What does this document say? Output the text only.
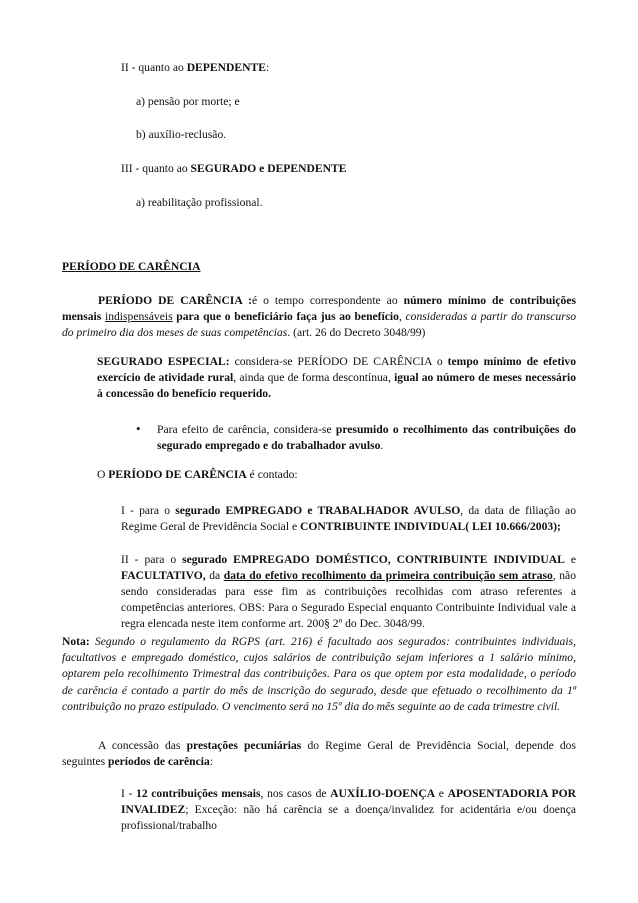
II - quanto ao DEPENDENTE:
a) pensão por morte; e
b) auxílio-reclusão.
III - quanto ao SEGURADO e DEPENDENTE
a) reabilitação profissional.
PERÍODO DE CARÊNCIA
PERÍODO DE CARÊNCIA :é o tempo correspondente ao número mínimo de contribuições mensais indispensáveis para que o beneficiário faça jus ao benefício, consideradas a partir do transcurso do primeiro dia dos meses de suas competências. (art. 26 do Decreto 3048/99)
SEGURADO ESPECIAL: considera-se PERÍODO DE CARÊNCIA o tempo mínimo de efetivo exercício de atividade rural, ainda que de forma descontínua, igual ao número de meses necessário à concessão do benefício requerido.
• Para efeito de carência, considera-se presumido o recolhimento das contribuições do segurado empregado e do trabalhador avulso.
O PERÍODO DE CARÊNCIA é contado:
I - para o segurado EMPREGADO e TRABALHADOR AVULSO, da data de filiação ao Regime Geral de Previdência Social e CONTRIBUINTE INDIVIDUAL( LEI 10.666/2003);
II - para o segurado EMPREGADO DOMÉSTICO, CONTRIBUINTE INDIVIDUAL e FACULTATIVO, da data do efetivo recolhimento da primeira contribuição sem atraso, não sendo consideradas para esse fim as contribuições recolhidas com atraso referentes a competências anteriores. OBS: Para o Segurado Especial enquanto Contribuinte Individual vale a regra elencada neste item conforme art. 200§ 2º do Dec. 3048/99.
Nota: Segundo o regulamento da RGPS (art. 216) é facultado aos segurados: contribuintes individuais, facultativos e empregado doméstico, cujos salários de contribuição sejam inferiores a 1 salário mínimo, optarem pelo recolhimento Trimestral das contribuições. Para os que optem por esta modalidade, o período de carência é contado a partir do mês de inscrição do segurado, desde que efetuado o recolhimento da 1ª contribuição no prazo estipulado. O vencimento será no 15º dia do mês seguinte ao de cada trimestre civil.
A concessão das prestações pecuniárias do Regime Geral de Previdência Social, depende dos seguintes períodos de carência:
I - 12 contribuições mensais, nos casos de AUXÍLIO-DOENÇA e APOSENTADORIA POR INVALIDEZ; Exceção: não há carência se a doença/invalidez for acidentária e/ou doença profissional/trabalho
